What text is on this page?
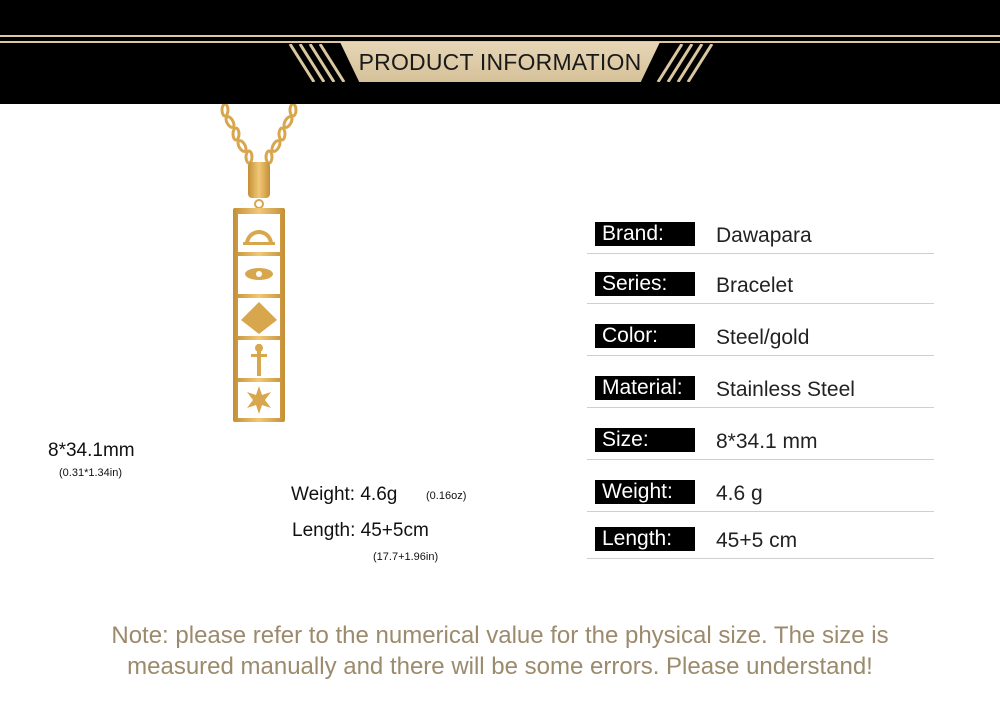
PRODUCT INFORMATION
8*34.1mm
(0.31*1.34in)
Weight: 4.6g	(0.16oz)
Length: 45+5cm
(17.7+1.96in)
Brand:	Dawapara
Series:	Bracelet
Color:	Steel/gold
Material:	Stainless Steel
Size:	8*34.1 mm
Weight:	4.6 g
Length:	45+5 cm
Note: please refer to the numerical value for the physical size. The size is
measured manually and there will be some errors. Please understand!
